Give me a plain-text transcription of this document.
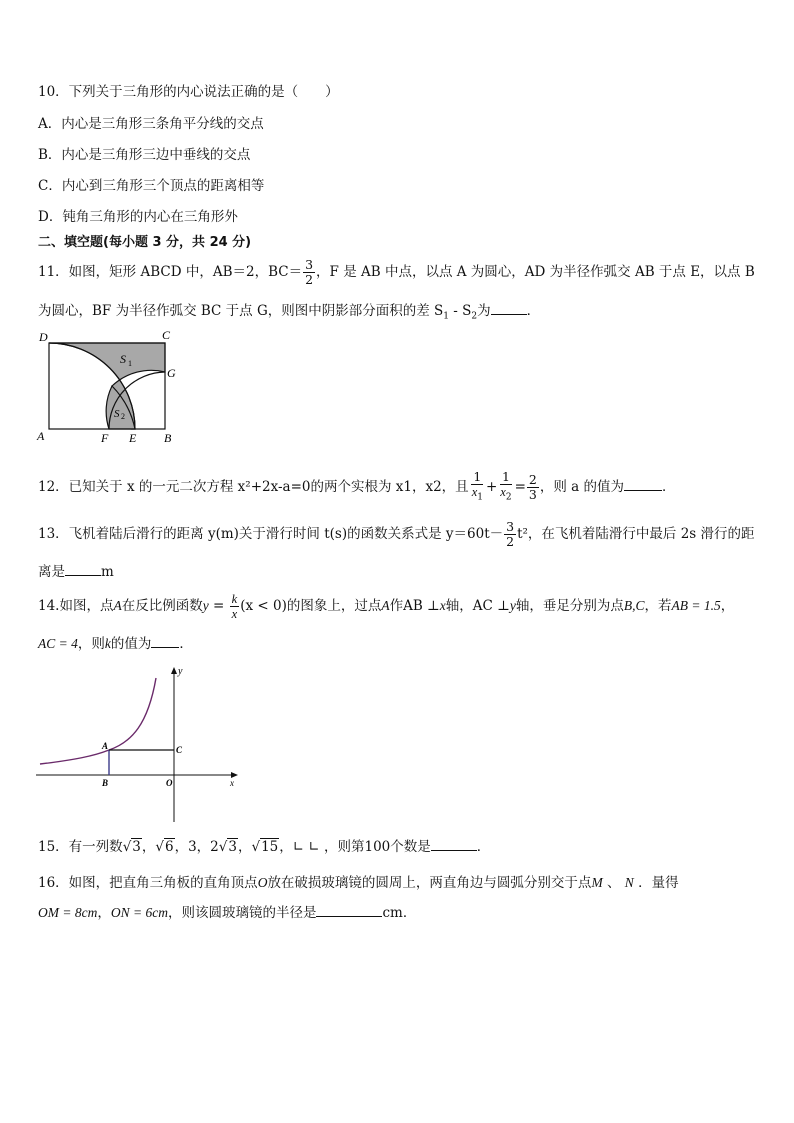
10．下列关于三角形的内心说法正确的是（　　）
A．内心是三角形三条角平分线的交点
B．内心是三角形三边中垂线的交点
C．内心到三角形三个顶点的距离相等
D．钝角三角形的内心在三角形外
二、填空题(每小题 3 分，共 24 分)
11．如图，矩形 ABCD 中，AB＝2，$BC= \frac{3}{2}$ ，F 是 AB 中点，以点 A 为圆心，AD 为半径作弧交 AB 于点 E，以点 B
为圆心，BF 为半径作弧交 BC 于点 G，则图中阴影部分面积的差 $S_1 - S_2$为	．
D	C
G
A	F E B
S 1
S 2
12．已知关于 x 的一元二次方程 x²+2x-a=0的两个实根为 x1，x2，且 $\frac{1}{x_1} + \frac{1}{x_2} = \frac{2}{3}$ ，则 a 的值为	．
13．飞机着陆后滑行的距离 y(m)关于滑行时间 t(s)的函数关系式是 $y=60t- \frac{3}{2} t^2$，在飞机着陆滑行中最后 2s 滑行的距
离是	m
14.如图，点A在反比例函数$y = \frac{k}{x} (x < 0)$的图象上，过点A作AB ⊥x轴，AC ⊥y轴，垂足分别为点B,C，若AB = 1.5，
AC = 4，则k的值为 ．
y
A	C
B	O	x
15．有一列数√3，√6，3，2√3，√15，∟ ∟ ，则第100个数是	．
16．如图，把直角三角板的直角顶点O放在破损玻璃镜的圆周上，两直角边与圆弧分别交于点M 、 N ．量得
OM = 8cm，ON = 6cm，则该圆玻璃镜的半径是	cm．
